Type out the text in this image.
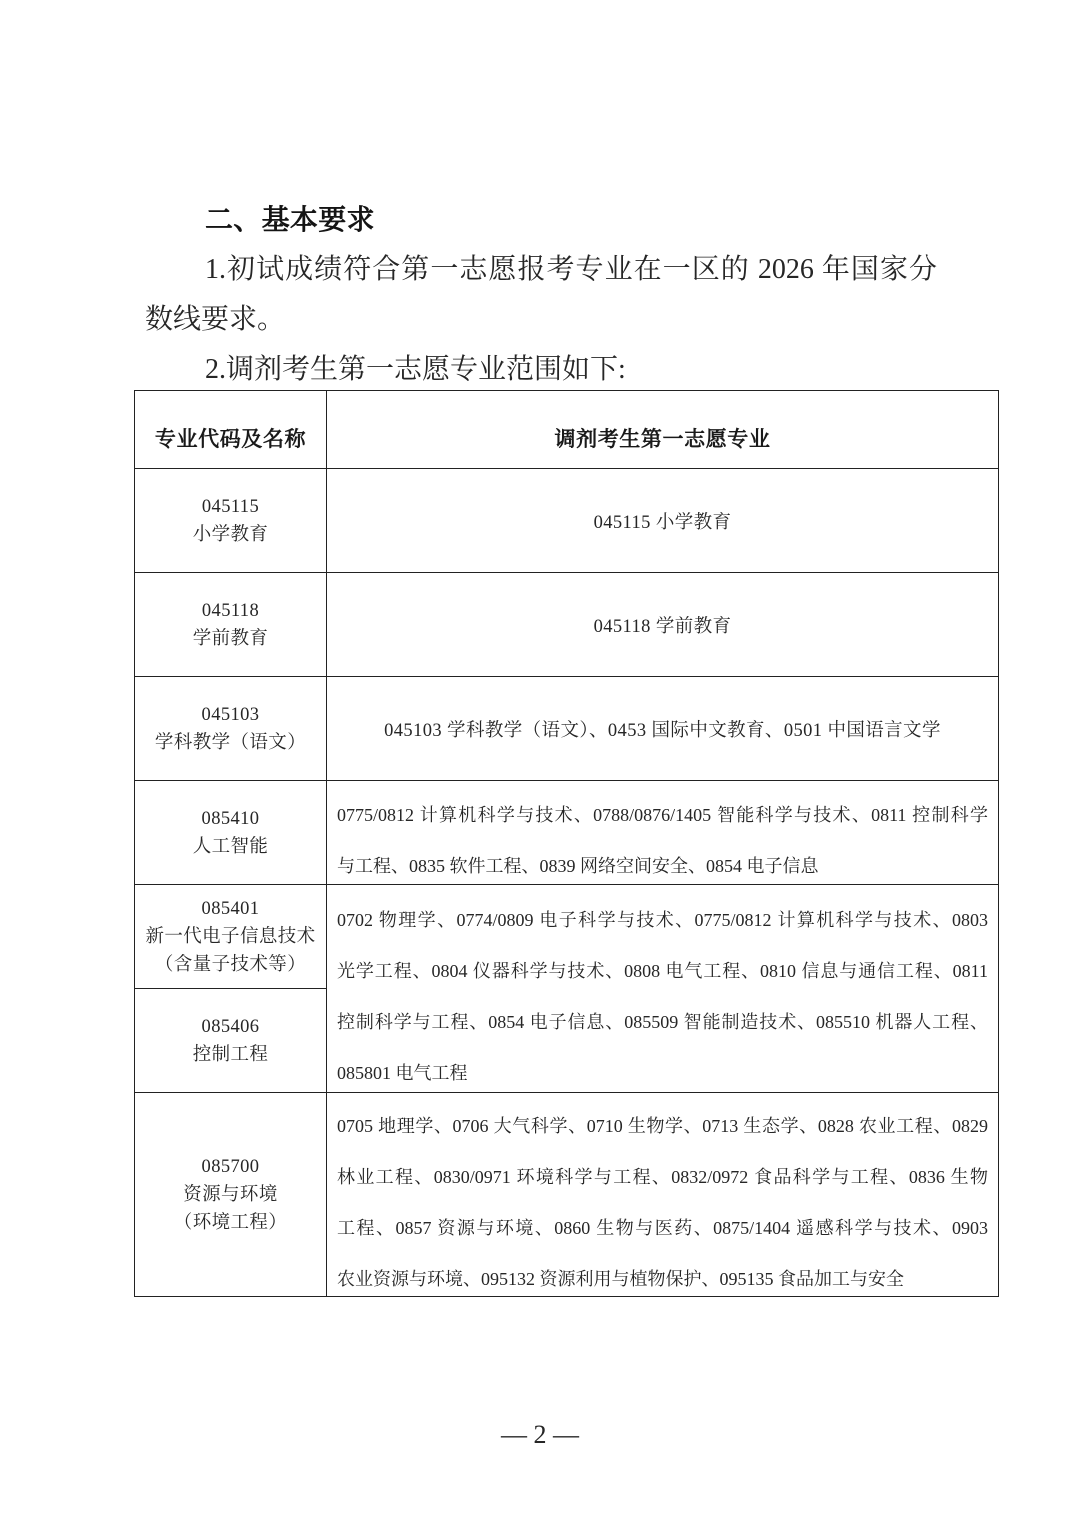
二、基本要求
1.初试成绩符合第一志愿报考专业在一区的 2026 年国家分
数线要求。
2.调剂考生第一志愿专业范围如下:
专业代码及名称	调剂考生第一志愿专业
045115
小学教育
045115 小学教育
045118
学前教育
045118 学前教育
045103
学科教学（语文）
045103 学科教学（语文）、0453 国际中文教育、0501 中国语言文学
085410
人工智能
0775/0812 计算机科学与技术、0788/0876/1405 智能科学与技术、0811 控制科学
与工程、0835 软件工程、0839 网络空间安全、0854 电子信息
085401
新一代电子信息技术
（含量子技术等）
0702 物理学、0774/0809 电子科学与技术、0775/0812 计算机科学与技术、0803
光学工程、0804 仪器科学与技术、0808 电气工程、0810 信息与通信工程、0811
控制科学与工程、0854 电子信息、085509 智能制造技术、085510 机器人工程、
085801 电气工程
085406
控制工程
085700
资源与环境
（环境工程）
0705 地理学、0706 大气科学、0710 生物学、0713 生态学、0828 农业工程、0829
林业工程、0830/0971 环境科学与工程、0832/0972 食品科学与工程、0836 生物
工程、0857 资源与环境、0860 生物与医药、0875/1404 遥感科学与技术、0903
农业资源与环境、095132 资源利用与植物保护、095135 食品加工与安全
— 2 —
